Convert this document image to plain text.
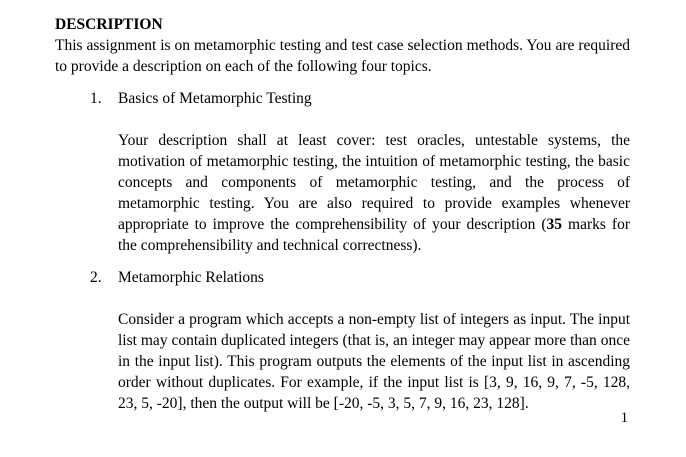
DESCRIPTION
This assignment is on metamorphic testing and test case selection methods. You are required to provide a description on each of the following four topics.
1.	Basics of Metamorphic Testing
Your description shall at least cover: test oracles, untestable systems, the motivation of metamorphic testing, the intuition of metamorphic testing, the basic concepts and components of metamorphic testing, and the process of metamorphic testing. You are also required to provide examples whenever appropriate to improve the comprehensibility of your description (35 marks for the comprehensibility and technical correctness).
2.	Metamorphic Relations
Consider a program which accepts a non-empty list of integers as input. The input list may contain duplicated integers (that is, an integer may appear more than once in the input list). This program outputs the elements of the input list in ascending order without duplicates. For example, if the input list is [3, 9, 16, 9, 7, -5, 128, 23, 5, -20], then the output will be [-20, -5, 3, 5, 7, 9, 16, 23, 128].
1
